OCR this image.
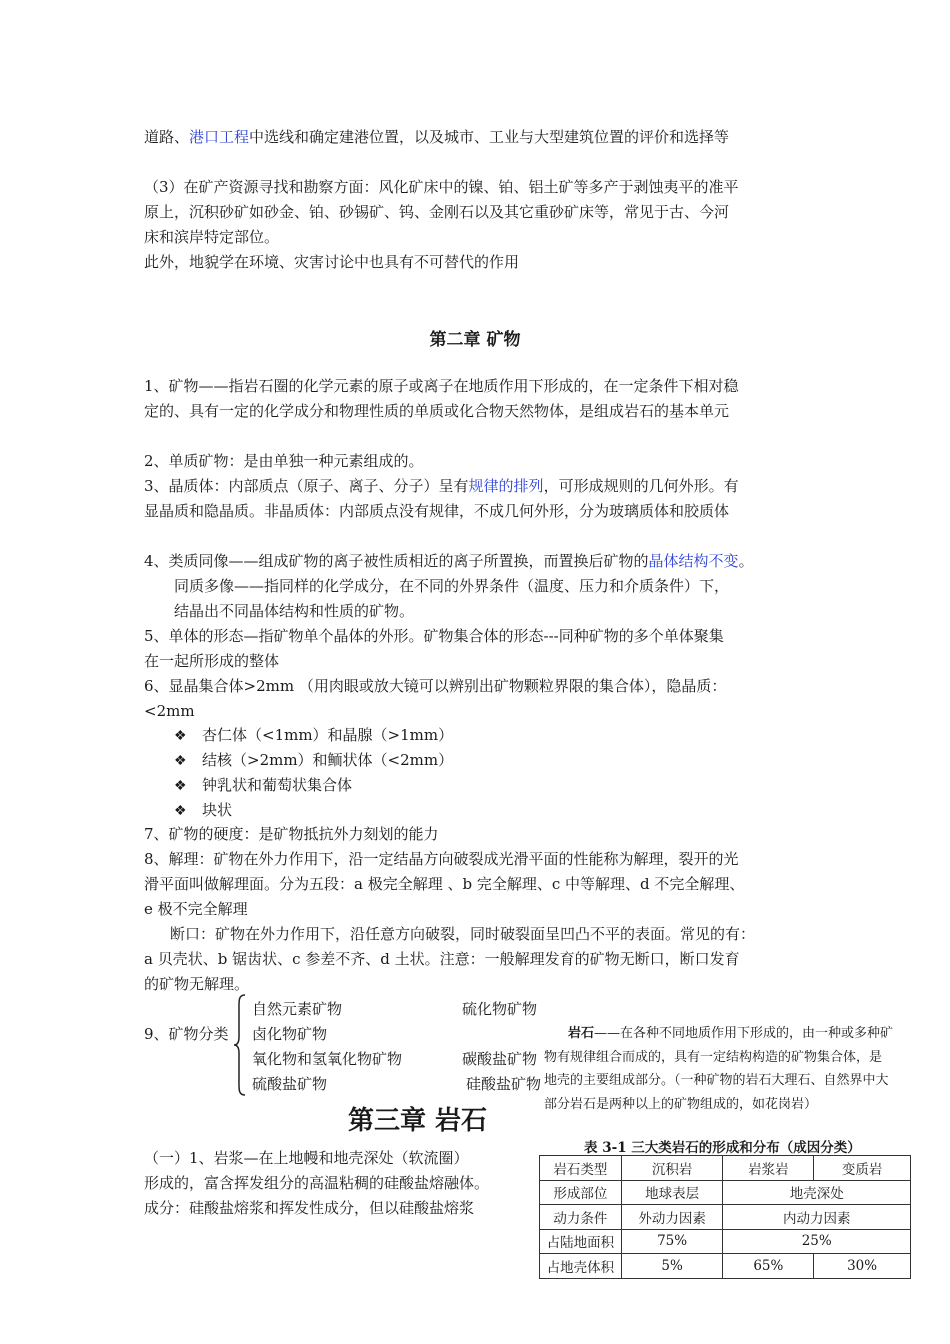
道路、港口工程中选线和确定建港位置，以及城市、工业与大型建筑位置的评价和选择等
（3）在矿产资源寻找和勘察方面：风化矿床中的镍、铂、铝土矿等多产于剥蚀夷平的准平
原上，沉积砂矿如砂金、铂、砂锡矿、钨、金刚石以及其它重砂矿床等，常见于古、今河
床和滨岸特定部位。
此外，地貌学在环境、灾害讨论中也具有不可替代的作用
第二章 矿物
1、矿物——指岩石圈的化学元素的原子或离子在地质作用下形成的，在一定条件下相对稳
定的、具有一定的化学成分和物理性质的单质或化合物天然物体，是组成岩石的基本单元
2、单质矿物：是由单独一种元素组成的。
3、晶质体：内部质点（原子、离子、分子）呈有规律的排列，可形成规则的几何外形。有
显晶质和隐晶质。非晶质体：内部质点没有规律，不成几何外形，分为玻璃质体和胶质体
4、类质同像——组成矿物的离子被性质相近的离子所置换，而置换后矿物的晶体结构不变。
同质多像——指同样的化学成分，在不同的外界条件（温度、压力和介质条件）下，
结晶出不同晶体结构和性质的矿物。
5、单体的形态—指矿物单个晶体的外形。矿物集合体的形态---同种矿物的多个单体聚集
在一起所形成的整体
6、显晶集合体>2mm （用肉眼或放大镜可以辨别出矿物颗粒界限的集合体），隐晶质：
<2mm
❖ 杏仁体（<1mm）和晶腺（>1mm）
❖ 结核（>2mm）和鲕状体（<2mm）
❖ 钟乳状和葡萄状集合体
❖ 块状
7、矿物的硬度：是矿物抵抗外力刻划的能力
8、解理：矿物在外力作用下，沿一定结晶方向破裂成光滑平面的性能称为解理，裂开的光
滑平面叫做解理面。分为五段：a 极完全解理 、b 完全解理、c 中等解理、d 不完全解理、
e 极不完全解理
断口：矿物在外力作用下，沿任意方向破裂，同时破裂面呈凹凸不平的表面。常见的有：
a 贝壳状、b 锯齿状、c 参差不齐、d 土状。注意：一般解理发育的矿物无断口，断口发育
的矿物无解理。
9、矿物分类
自然元素矿物
卤化物矿物
氧化物和氢氧化物矿物
硫酸盐矿物
硫化物矿物
碳酸盐矿物
硅酸盐矿物
岩石——在各种不同地质作用下形成的，由一种或多种矿
物有规律组合而成的，具有一定结构构造的矿物集合体，是
地壳的主要组成部分。（一种矿物的岩石大理石、自然界中大
部分岩石是两种以上的矿物组成的，如花岗岩）
第三章 岩石
（一）1、岩浆—在上地幔和地壳深处（软流圈）
形成的，富含挥发组分的高温粘稠的硅酸盐熔融体。
成分：硅酸盐熔浆和挥发性成分，但以硅酸盐熔浆
表 3-1 三大类岩石的形成和分布（成因分类）
岩石类型	沉积岩	岩浆岩	变质岩
形成部位	地球表层	地壳深处	
动力条件	外动力因素	内动力因素	
占陆地面积	75%	25%	
占地壳体积	5%	65%	30%
